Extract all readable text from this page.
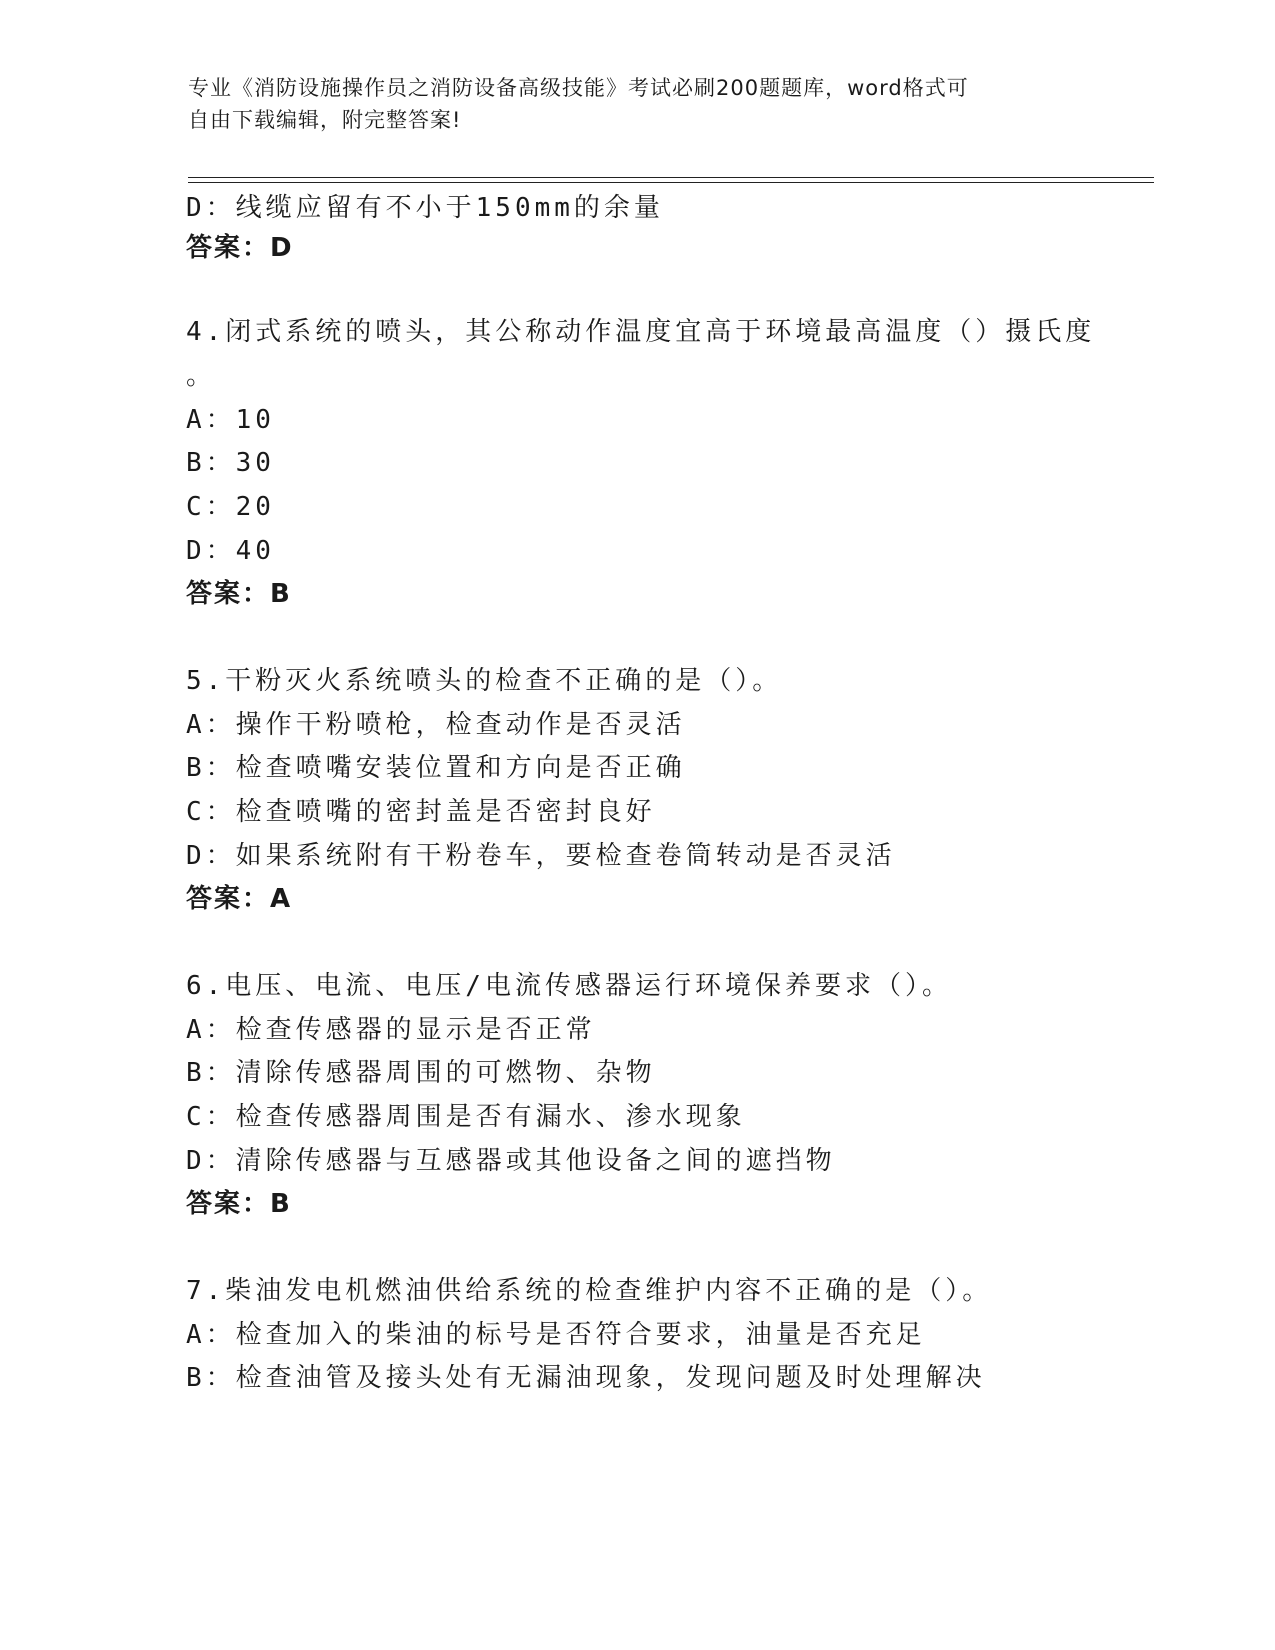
专业《消防设施操作员之消防设备高级技能》考试必刷200题题库，word格式可
自由下载编辑，附完整答案!
D：线缆应留有不小于150mm的余量
答案：D
4.闭式系统的喷头，其公称动作温度宜高于环境最高温度（）摄氏度
。
A：10
B：30
C：20
D：40
答案：B
5.干粉灭火系统喷头的检查不正确的是（）。
A：操作干粉喷枪，检查动作是否灵活
B：检查喷嘴安装位置和方向是否正确
C：检查喷嘴的密封盖是否密封良好
D：如果系统附有干粉卷车，要检查卷筒转动是否灵活
答案：A
6.电压、电流、电压/电流传感器运行环境保养要求（）。
A：检查传感器的显示是否正常
B：清除传感器周围的可燃物、杂物
C：检查传感器周围是否有漏水、渗水现象
D：清除传感器与互感器或其他设备之间的遮挡物
答案：B
7.柴油发电机燃油供给系统的检查维护内容不正确的是（）。
A：检查加入的柴油的标号是否符合要求，油量是否充足
B：检查油管及接头处有无漏油现象，发现问题及时处理解决
